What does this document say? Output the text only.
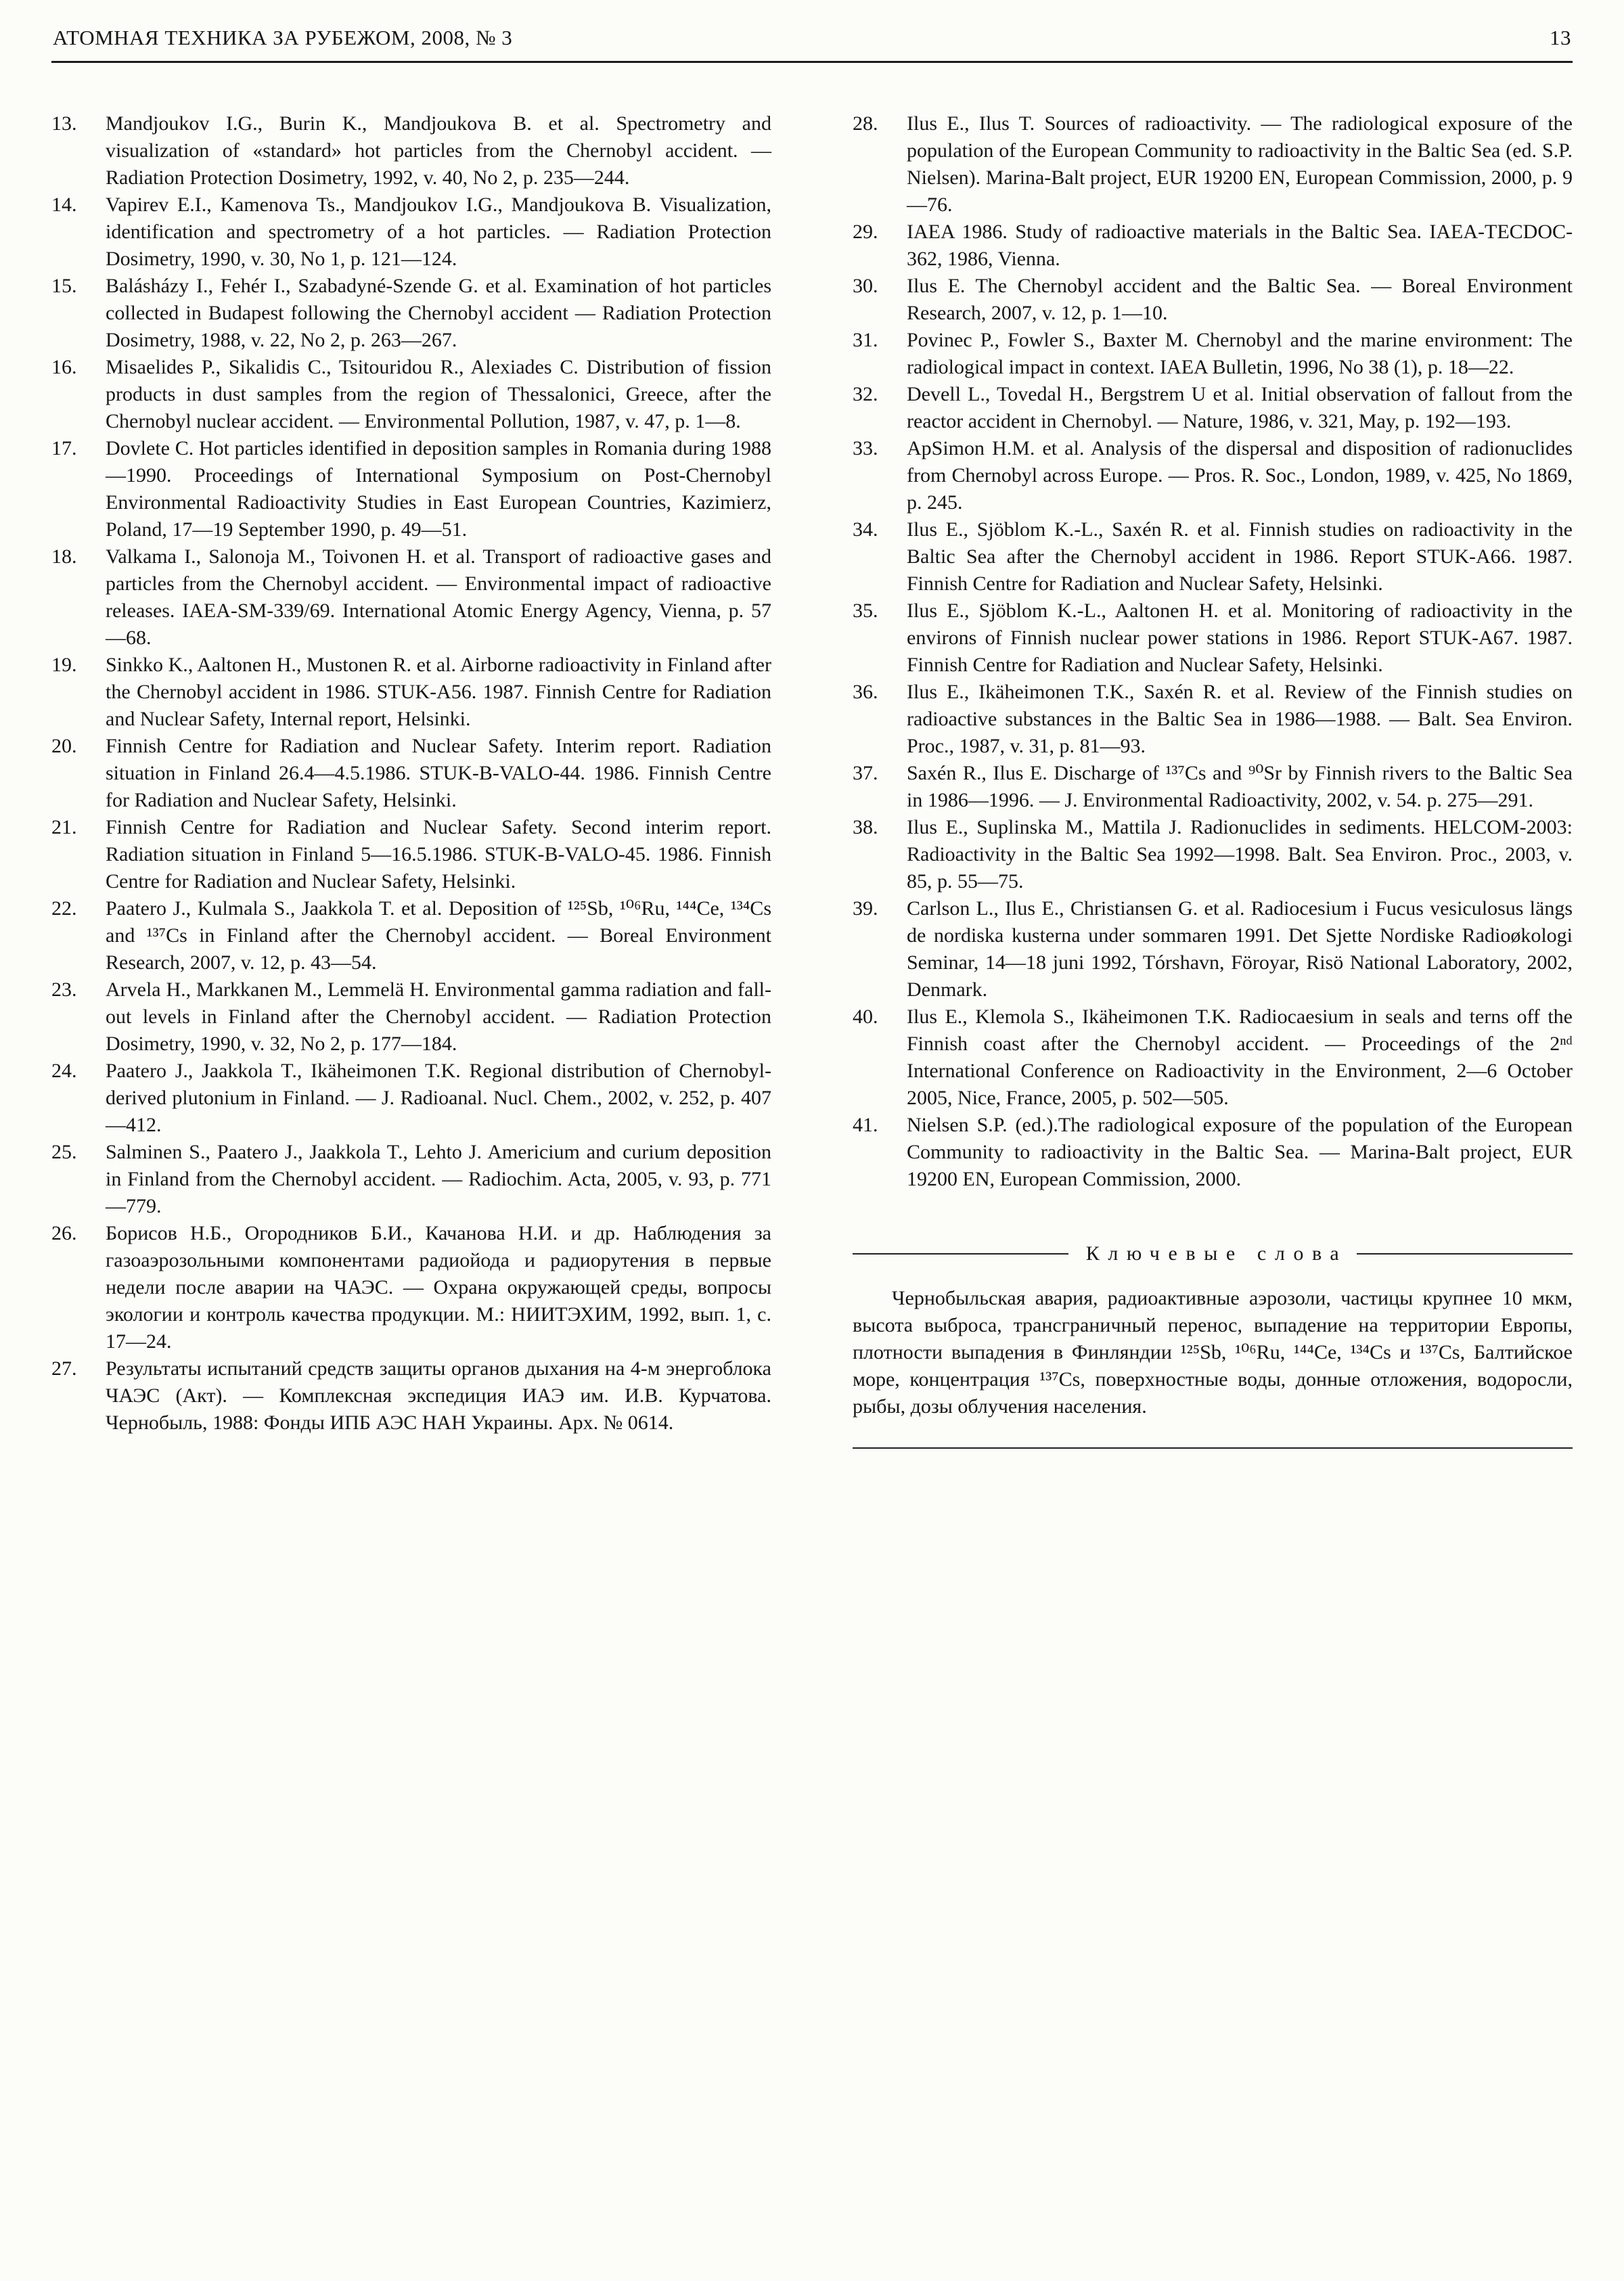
АТОМНАЯ ТЕХНИКА ЗА РУБЕЖОМ, 2008, № 3	13
13.	Mandjoukov I.G., Burin K., Mandjoukova B. et al. Spectrometry and visualization of «standard» hot particles from the Chernobyl accident. — Radiation Protection Dosimetry, 1992, v. 40, No 2, p. 235—244.
14.	Vapirev E.I., Kamenova Ts., Mandjoukov I.G., Mandjoukova B. Visualization, identification and spectrometry of a hot particles. — Radiation Protection Dosimetry, 1990, v. 30, No 1, p. 121—124.
15.	Balásházy I., Fehér I., Szabadyné-Szende G. et al. Examination of hot particles collected in Budapest following the Chernobyl accident — Radiation Protection Dosimetry, 1988, v. 22, No 2, p. 263—267.
16.	Misaelides P., Sikalidis C., Tsitouridou R., Alexiades C. Distribution of fission products in dust samples from the region of Thessalonici, Greece, after the Chernobyl nuclear accident. — Environmental Pollution, 1987, v. 47, p. 1—8.
17.	Dovlete C. Hot particles identified in deposition samples in Romania during 1988—1990. Proceedings of International Symposium on Post-Chernobyl Environmental Radioactivity Studies in East European Countries, Kazimierz, Poland, 17—19 September 1990, p. 49—51.
18.	Valkama I., Salonoja M., Toivonen H. et al. Transport of radioactive gases and particles from the Chernobyl accident. — Environmental impact of radioactive releases. IAEA-SM-339/69. International Atomic Energy Agency, Vienna, p. 57—68.
19.	Sinkko K., Aaltonen H., Mustonen R. et al. Airborne radioactivity in Finland after the Chernobyl accident in 1986. STUK-A56. 1987. Finnish Centre for Radiation and Nuclear Safety, Internal report, Helsinki.
20.	Finnish Centre for Radiation and Nuclear Safety. Interim report. Radiation situation in Finland 26.4—4.5.1986. STUK-B-VALO-44. 1986. Finnish Centre for Radiation and Nuclear Safety, Helsinki.
21.	Finnish Centre for Radiation and Nuclear Safety. Second interim report. Radiation situation in Finland 5—16.5.1986. STUK-B-VALO-45. 1986. Finnish Centre for Radiation and Nuclear Safety, Helsinki.
22.	Paatero J., Kulmala S., Jaakkola T. et al. Deposition of ¹²⁵Sb, ¹⁰⁶Ru, ¹⁴⁴Ce, ¹³⁴Cs and ¹³⁷Cs in Finland after the Chernobyl accident. — Boreal Environment Research, 2007, v. 12, p. 43—54.
23.	Arvela H., Markkanen M., Lemmelä H. Environmental gamma radiation and fall-out levels in Finland after the Chernobyl accident. — Radiation Protection Dosimetry, 1990, v. 32, No 2, p. 177—184.
24.	Paatero J., Jaakkola T., Ikäheimonen T.K. Regional distribution of Chernobyl-derived plutonium in Finland. — J. Radioanal. Nucl. Chem., 2002, v. 252, p. 407—412.
25.	Salminen S., Paatero J., Jaakkola T., Lehto J. Americium and curium deposition in Finland from the Chernobyl accident. — Radiochim. Acta, 2005, v. 93, p. 771—779.
26.	Борисов Н.Б., Огородников Б.И., Качанова Н.И. и др. Наблюдения за газоаэрозольными компонентами радиойода и радиорутения в первые недели после аварии на ЧАЭС. — Охрана окружающей среды, вопросы экологии и контроль качества продукции. М.: НИИТЭХИМ, 1992, вып. 1, с. 17—24.
27.	Результаты испытаний средств защиты органов дыхания на 4-м энергоблока ЧАЭС (Акт). — Комплексная экспедиция ИАЭ им. И.В. Курчатова. Чернобыль, 1988: Фонды ИПБ АЭС НАН Украины. Арх. № 0614.
28.	Ilus E., Ilus T. Sources of radioactivity. — The radiological exposure of the population of the European Community to radioactivity in the Baltic Sea (ed. S.P. Nielsen). Marina-Balt project, EUR 19200 EN, European Commission, 2000, p. 9—76.
29.	IAEA 1986. Study of radioactive materials in the Baltic Sea. IAEA-TECDOC-362, 1986, Vienna.
30.	Ilus E. The Chernobyl accident and the Baltic Sea. — Boreal Environment Research, 2007, v. 12, p. 1—10.
31.	Povinec P., Fowler S., Baxter M. Chernobyl and the marine environment: The radiological impact in context. IAEA Bulletin, 1996, No 38 (1), p. 18—22.
32.	Devell L., Tovedal H., Bergstrem U et al. Initial observation of fallout from the reactor accident in Chernobyl. — Nature, 1986, v. 321, May, p. 192—193.
33.	ApSimon H.M. et al. Analysis of the dispersal and disposition of radionuclides from Chernobyl across Europe. — Pros. R. Soc., London, 1989, v. 425, No 1869, p. 245.
34.	Ilus E., Sjöblom K.-L., Saxén R. et al. Finnish studies on radioactivity in the Baltic Sea after the Chernobyl accident in 1986. Report STUK-A66. 1987. Finnish Centre for Radiation and Nuclear Safety, Helsinki.
35.	Ilus E., Sjöblom K.-L., Aaltonen H. et al. Monitoring of radioactivity in the environs of Finnish nuclear power stations in 1986. Report STUK-A67. 1987. Finnish Centre for Radiation and Nuclear Safety, Helsinki.
36.	Ilus E., Ikäheimonen T.K., Saxén R. et al. Review of the Finnish studies on radioactive substances in the Baltic Sea in 1986—1988. — Balt. Sea Environ. Proc., 1987, v. 31, p. 81—93.
37.	Saxén R., Ilus E. Discharge of ¹³⁷Cs and ⁹⁰Sr by Finnish rivers to the Baltic Sea in 1986—1996. — J. Environmental Radioactivity, 2002, v. 54. p. 275—291.
38.	Ilus E., Suplinska M., Mattila J. Radionuclides in sediments. HELCOM-2003: Radioactivity in the Baltic Sea 1992—1998. Balt. Sea Environ. Proc., 2003, v. 85, p. 55—75.
39.	Carlson L., Ilus E., Christiansen G. et al. Radiocesium i Fucus vesiculosus längs de nordiska kusterna under sommaren 1991. Det Sjette Nordiske Radioøkologi Seminar, 14—18 juni 1992, Tórshavn, Föroyar, Risö National Laboratory, 2002, Denmark.
40.	Ilus E., Klemola S., Ikäheimonen T.K. Radiocaesium in seals and terns off the Finnish coast after the Chernobyl accident. — Proceedings of the 2ⁿᵈ International Conference on Radioactivity in the Environment, 2—6 October 2005, Nice, France, 2005, p. 502—505.
41.	Nielsen S.P. (ed.).The radiological exposure of the population of the European Community to radioactivity in the Baltic Sea. — Marina-Balt project, EUR 19200 EN, European Commission, 2000.
Ключевые слова

Чернобыльская авария, радиоактивные аэрозоли, частицы крупнее 10 мкм, высота выброса, трансграничный перенос, выпадение на территории Европы, плотности выпадения в Финляндии ¹²⁵Sb, ¹⁰⁶Ru, ¹⁴⁴Ce, ¹³⁴Cs и ¹³⁷Cs, Балтийское море, концентрация ¹³⁷Cs, поверхностные воды, донные отложения, водоросли, рыбы, дозы облучения населения.
